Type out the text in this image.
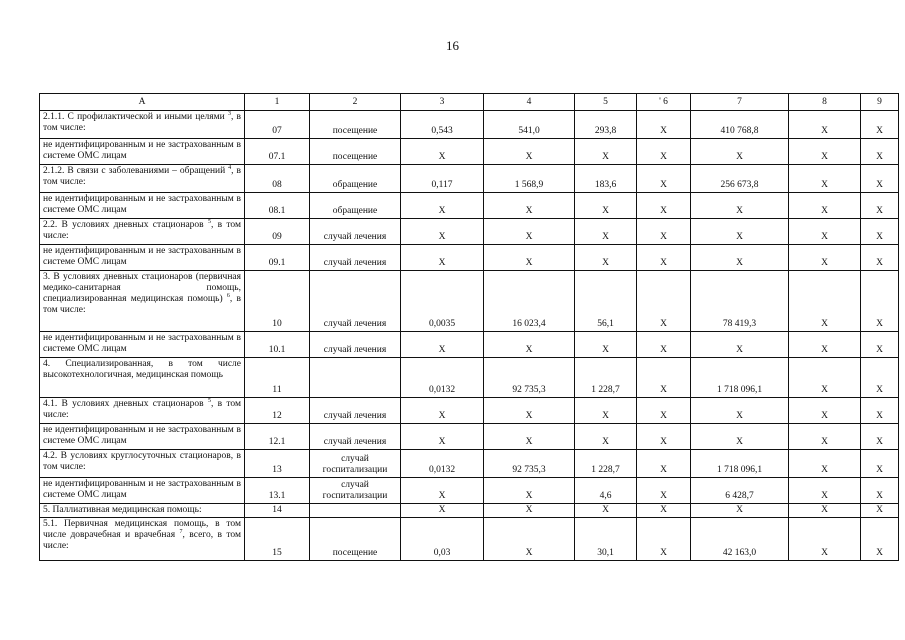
16
А	1	2	3	4	5	' 6	7	8	9
2.1.1. С профилактической и иными целями $^3$, в том числе:	07	посещение	0,543	541,0	293,8	X	410 768,8	X	X
не идентифицированным и не застрахованным в системе ОМС лицам	07.1	посещение	X	X	X	X	X	X	X
2.1.2. В связи с заболеваниями – обращений $^4$, в том числе:	08	обращение	0,117	1 568,9	183,6	X	256 673,8	X	X
не идентифицированным и не застрахованным в системе ОМС лицам	08.1	обращение	X	X	X	X	X	X	X
2.2. В условиях дневных стационаров $^5$, в том числе:	09	случай лечения	X	X	X	X	X	X	X
не идентифицированным и не застрахованным в системе ОМС лицам	09.1	случай лечения	X	X	X	X	X	X	X
3. В условиях дневных стационаров (первичная медико-санитарная помощь, специализированная медицинская помощь) $^6$, в том числе:	10	случай лечения	0,0035	16 023,4	56,1	X	78 419,3	X	X
не идентифицированным и не застрахованным в системе ОМС лицам	10.1	случай лечения	X	X	X	X	X	X	X
4. Специализированная, в том числе высокотехнологичная, медицинская помощь	11		0,0132	92 735,3	1 228,7	X	1 718 096,1	X	X
4.1. В условиях дневных стационаров $^5$, в том числе:	12	случай лечения	X	X	X	X	X	X	X
не идентифицированным и не застрахованным в системе ОМС лицам	12.1	случай лечения	X	X	X	X	X	X	X
4.2. В условиях круглосуточных стационаров, в том числе:	13	случай госпитализации	0,0132	92 735,3	1 228,7	X	1 718 096,1	X	X
не идентифицированным и не застрахованным в системе ОМС лицам	13.1	случай госпитализации	X	X	4,6	X	6 428,7	X	X
5. Паллиативная медицинская помощь:	14		X	X	X	X	X	X	X
5.1. Первичная медицинская помощь, в том числе доврачебная и врачебная $^7$, всего, в том числе:	15	посещение	0,03	X	30,1	X	42 163,0	X	X
